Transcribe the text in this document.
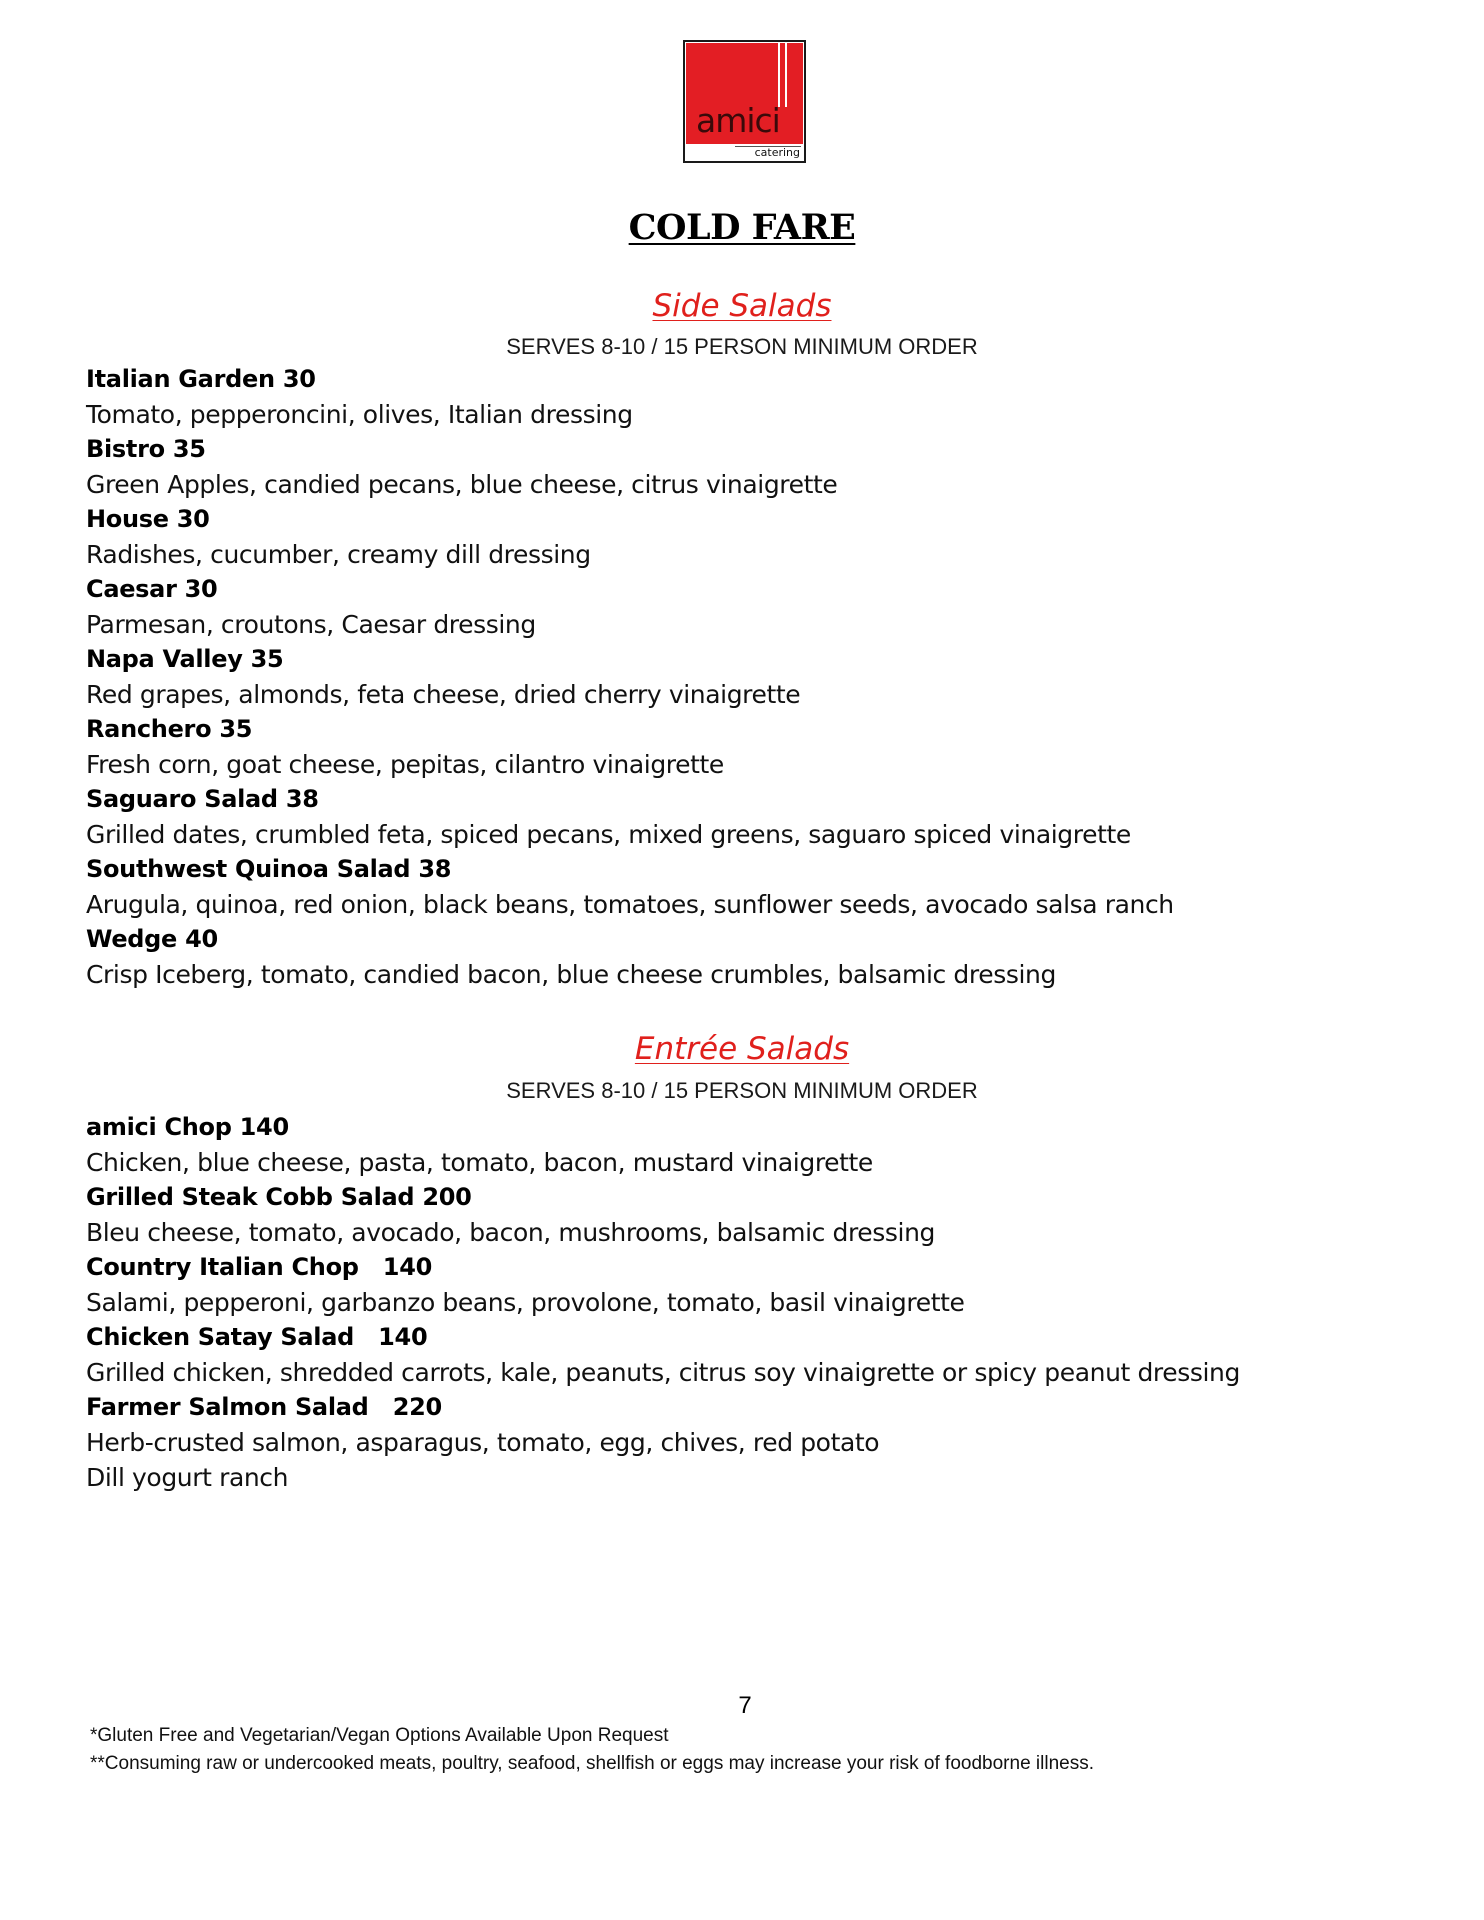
amici
catering
COLD FARE
Side Salads
SERVES 8-10 / 15 PERSON MINIMUM ORDER
Italian Garden 30
Tomato, pepperoncini, olives, Italian dressing
Bistro 35
Green Apples, candied pecans, blue cheese, citrus vinaigrette
House 30
Radishes, cucumber, creamy dill dressing
Caesar 30
Parmesan, croutons, Caesar dressing
Napa Valley 35
Red grapes, almonds, feta cheese, dried cherry vinaigrette
Ranchero 35
Fresh corn, goat cheese, pepitas, cilantro vinaigrette
Saguaro Salad 38
Grilled dates, crumbled feta, spiced pecans, mixed greens, saguaro spiced vinaigrette
Southwest Quinoa Salad 38
Arugula, quinoa, red onion, black beans, tomatoes, sunflower seeds, avocado salsa ranch
Wedge 40
Crisp Iceberg, tomato, candied bacon, blue cheese crumbles, balsamic dressing
Entrée Salads
SERVES 8-10 / 15 PERSON MINIMUM ORDER
amici Chop 140
Chicken, blue cheese, pasta, tomato, bacon, mustard vinaigrette
Grilled Steak Cobb Salad 200
Bleu cheese, tomato, avocado, bacon, mushrooms, balsamic dressing
Country Italian Chop   140
Salami, pepperoni, garbanzo beans, provolone, tomato, basil vinaigrette
Chicken Satay Salad   140
Grilled chicken, shredded carrots, kale, peanuts, citrus soy vinaigrette or spicy peanut dressing
Farmer Salmon Salad   220
Herb-crusted salmon, asparagus, tomato, egg, chives, red potato
Dill yogurt ranch
7
*Gluten Free and Vegetarian/Vegan Options Available Upon Request
**Consuming raw or undercooked meats, poultry, seafood, shellfish or eggs may increase your risk of foodborne illness.
